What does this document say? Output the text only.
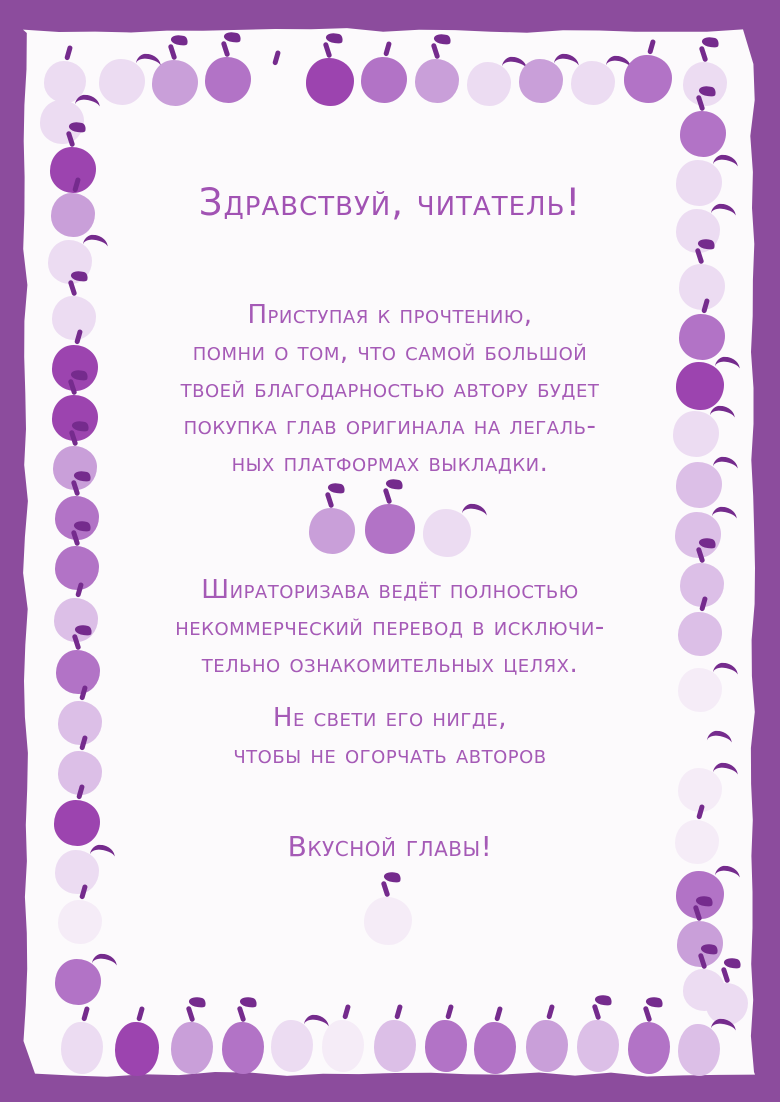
Здравствуй, читатель!
Приступая к прочтению,
помни о том, что самой большой
твоей благодарностью автору будет
покупка глав оригинала на легаль-
ных платформах выкладки.
Шираторизава ведёт полностью
некоммерческий перевод в исключи-
тельно ознакомительных целях.
Не свети его нигде,
чтобы не огорчать авторов
Вкусной главы!
